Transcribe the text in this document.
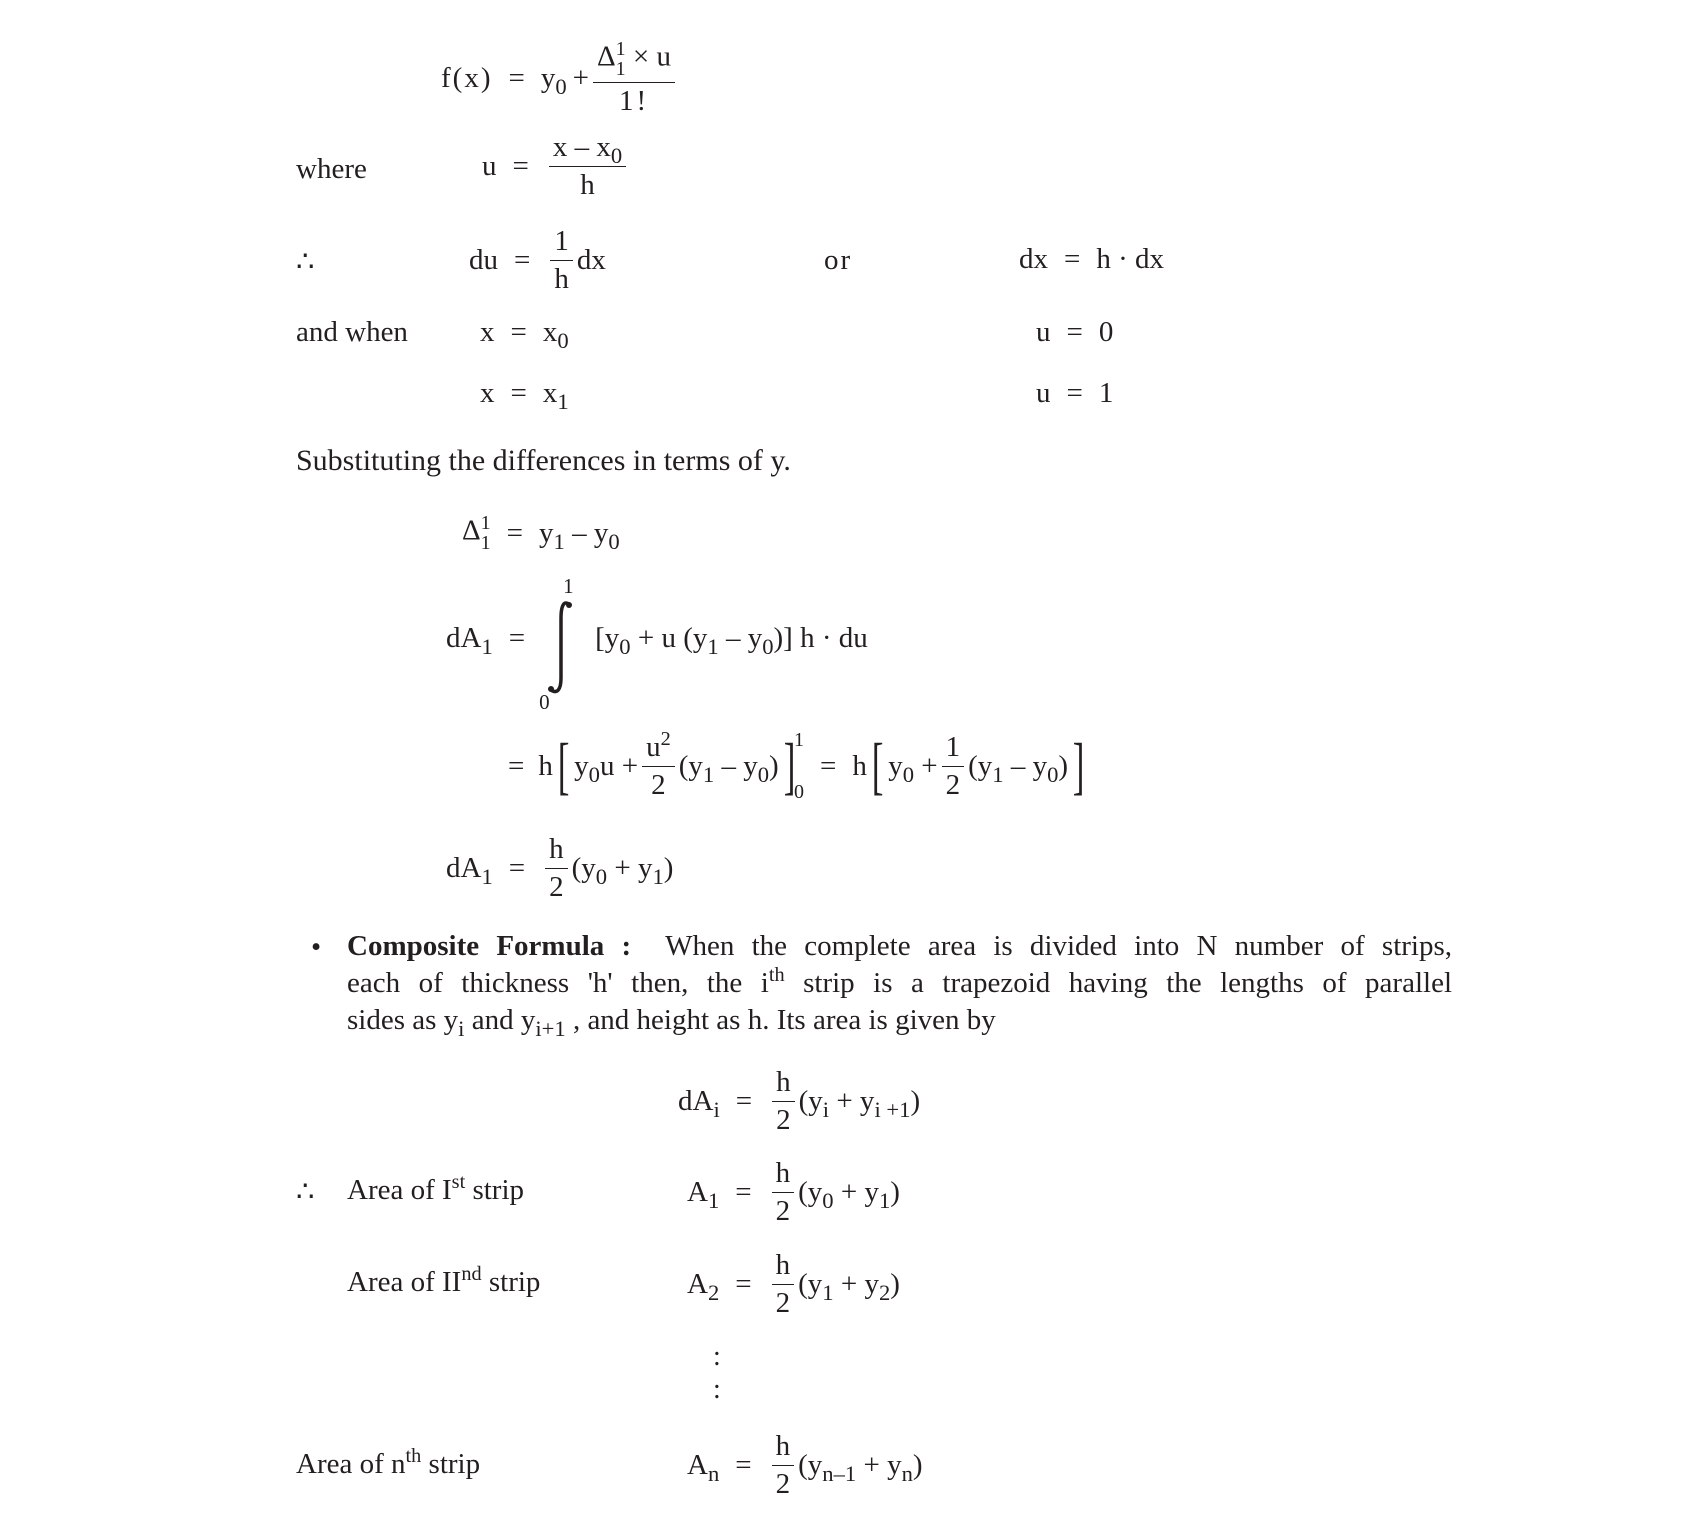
$f(x) = y_0 + \Delta$ 1
1 × u
1!
where	$u = \frac{x - x_0}{h}$
∴	du = $\frac{1}{h}$ dx	or	dx = h · dx
and when $x = x_0$	u = 0
$x = x_1$	u = 1
Substituting the differences in terms of y.
Δ 1
$1 = y_1 - y_0$
$dA_1$ =
1
0
[$y_0 + u$ $(y_1 - y_0)$] h · du
= h [ $y_0u + \frac{u^2}{2} (y_1 - y_0)$ ]
1
0
= h [ $y_0 + \frac{1}{2} (y_1 - y_0)$ ]
$dA_1 = \frac{h}{2} (y_0 + y_1)$
• Composite Formula : When the complete area is divided into N number of strips,
each of thickness 'h' then, the $i^{th}$ strip is a trapezoid having the lengths of parallel
sides as $y_i$ and $y_{i+1}$ , and height as h. Its area is given by
$dA_i = \frac{h}{2} (y_i + y_{i +1})$
∴ Area of Ist strip	$A_1 = \frac{h}{2} (y_0 + y_1)$
Area of IInd strip	$A_2 = \frac{h}{2} (y_1 + y_2)$
:
:
Area of $n^{th}$ strip	$A_n = \frac{h}{2} (y_{n-1} + y_n)$
